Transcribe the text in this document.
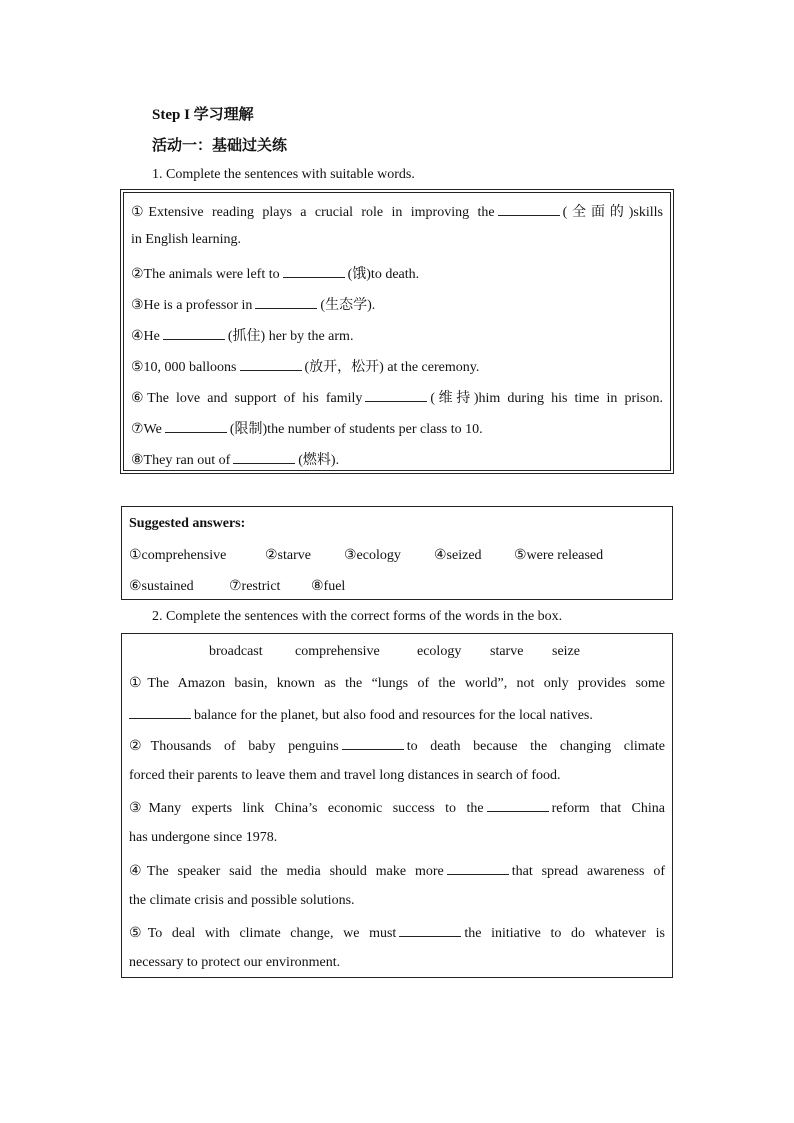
Step I 学习理解
活动一：基础过关练
1. Complete the sentences with suitable words.
①Extensive reading plays a crucial role in improving the	(全面的)skills
in English learning.
②The animals were left to	(饿)to death.
③He is a professor in	(生态学).
④He	(抓住) her by the arm.
⑤10, 000 balloons	(放开，松开) at the ceremony.
⑥The love and support of his family	(维持)him during his time in prison.
⑦We	(限制)the number of students per class to 10.
⑧They ran out of	(燃料).
Suggested answers:
①comprehensive	②starve ③ecology ④seized ⑤were released
⑥sustained	⑦restrict ⑧fuel
2. Complete the sentences with the correct forms of the words in the box.
broadcast comprehensive	ecology starve seize
①The Amazon basin, known as the “lungs of the world”, not only provides some
balance for the planet, but also food and resources for the local natives.
②Thousands of baby penguins	to death because the changing climate
forced their parents to leave them and travel long distances in search of food.
③Many experts link China’s economic success to the	reform that China
has undergone since 1978.
④The speaker said the media should make more	that spread awareness of
the climate crisis and possible solutions.
⑤To deal with climate change, we must	the initiative to do whatever is
necessary to protect our environment.
